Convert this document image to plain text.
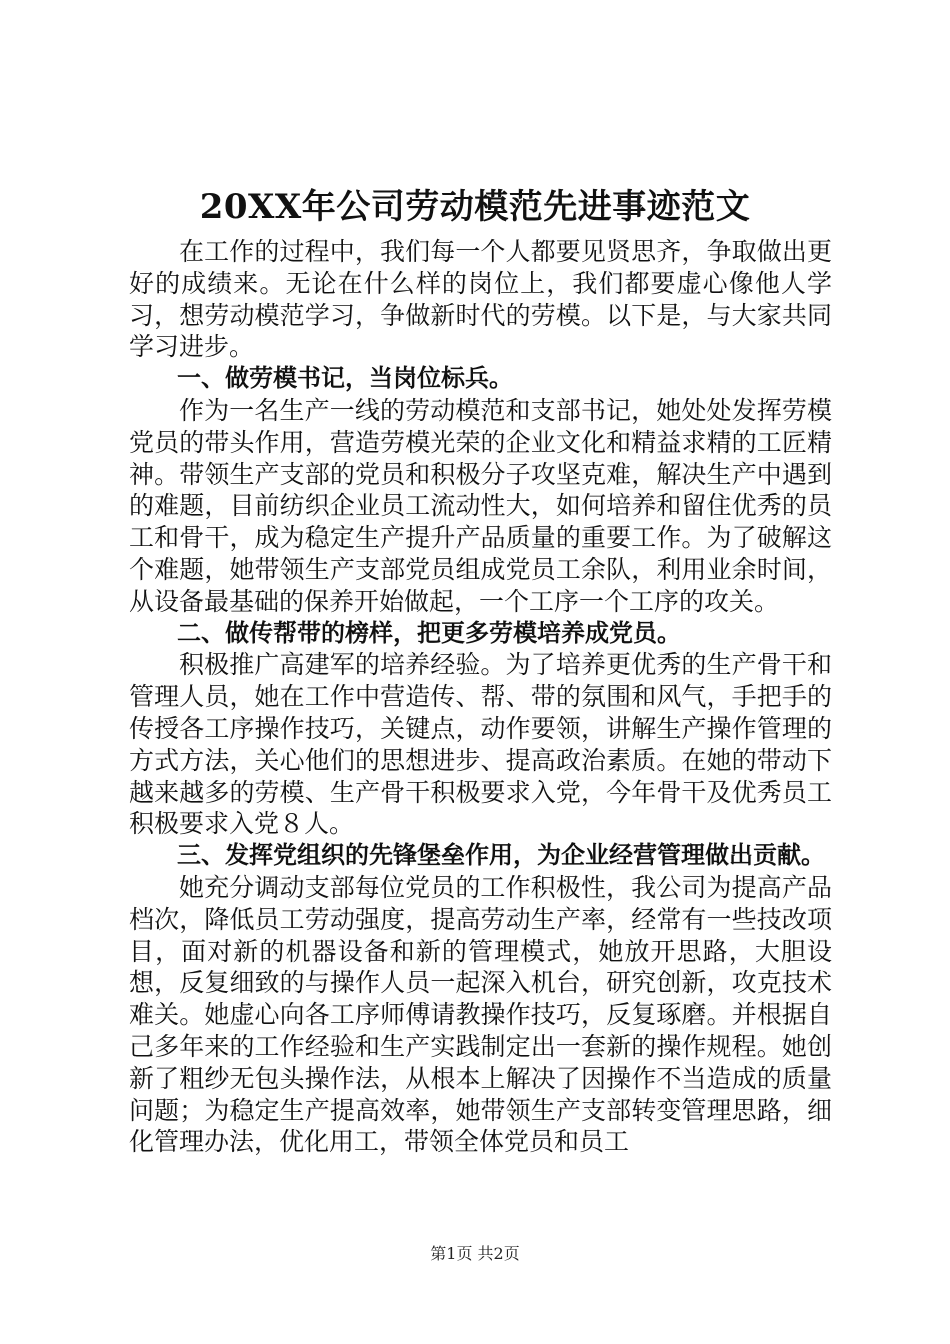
20XX年公司劳动模范先进事迹范文

在工作的过程中，我们每一个人都要见贤思齐，争取做出更好的成绩来。无论在什么样的岗位上，我们都要虚心像他人学习，想劳动模范学习，争做新时代的劳模。以下是，与大家共同学习进步。

一、做劳模书记，当岗位标兵。

作为一名生产一线的劳动模范和支部书记，她处处发挥劳模党员的带头作用，营造劳模光荣的企业文化和精益求精的工匠精神。带领生产支部的党员和积极分子攻坚克难，解决生产中遇到的难题，目前纺织企业员工流动性大，如何培养和留住优秀的员工和骨干，成为稳定生产提升产品质量的重要工作。为了破解这个难题，她带领生产支部党员组成党员工余队，利用业余时间，从设备最基础的保养开始做起，一个工序一个工序的攻关。

二、做传帮带的榜样，把更多劳模培养成党员。

积极推广高建军的培养经验。为了培养更优秀的生产骨干和管理人员，她在工作中营造传、帮、带的氛围和风气，手把手的传授各工序操作技巧，关键点，动作要领，讲解生产操作管理的方式方法，关心他们的思想进步、提高政治素质。在她的带动下越来越多的劳模、生产骨干积极要求入党，今年骨干及优秀员工积极要求入党８人。

三、发挥党组织的先锋堡垒作用，为企业经营管理做出贡献。

她充分调动支部每位党员的工作积极性，我公司为提高产品档次，降低员工劳动强度，提高劳动生产率，经常有一些技改项目，面对新的机器设备和新的管理模式，她放开思路，大胆设想，反复细致的与操作人员一起深入机台，研究创新，攻克技术难关。她虚心向各工序师傅请教操作技巧，反复琢磨。并根据自己多年来的工作经验和生产实践制定出一套新的操作规程。她创新了粗纱无包头操作法，从根本上解决了因操作不当造成的质量问题；为稳定生产提高效率，她带领生产支部转变管理思路，细化管理办法，优化用工，带领全体党员和员工

第1页 共2页
